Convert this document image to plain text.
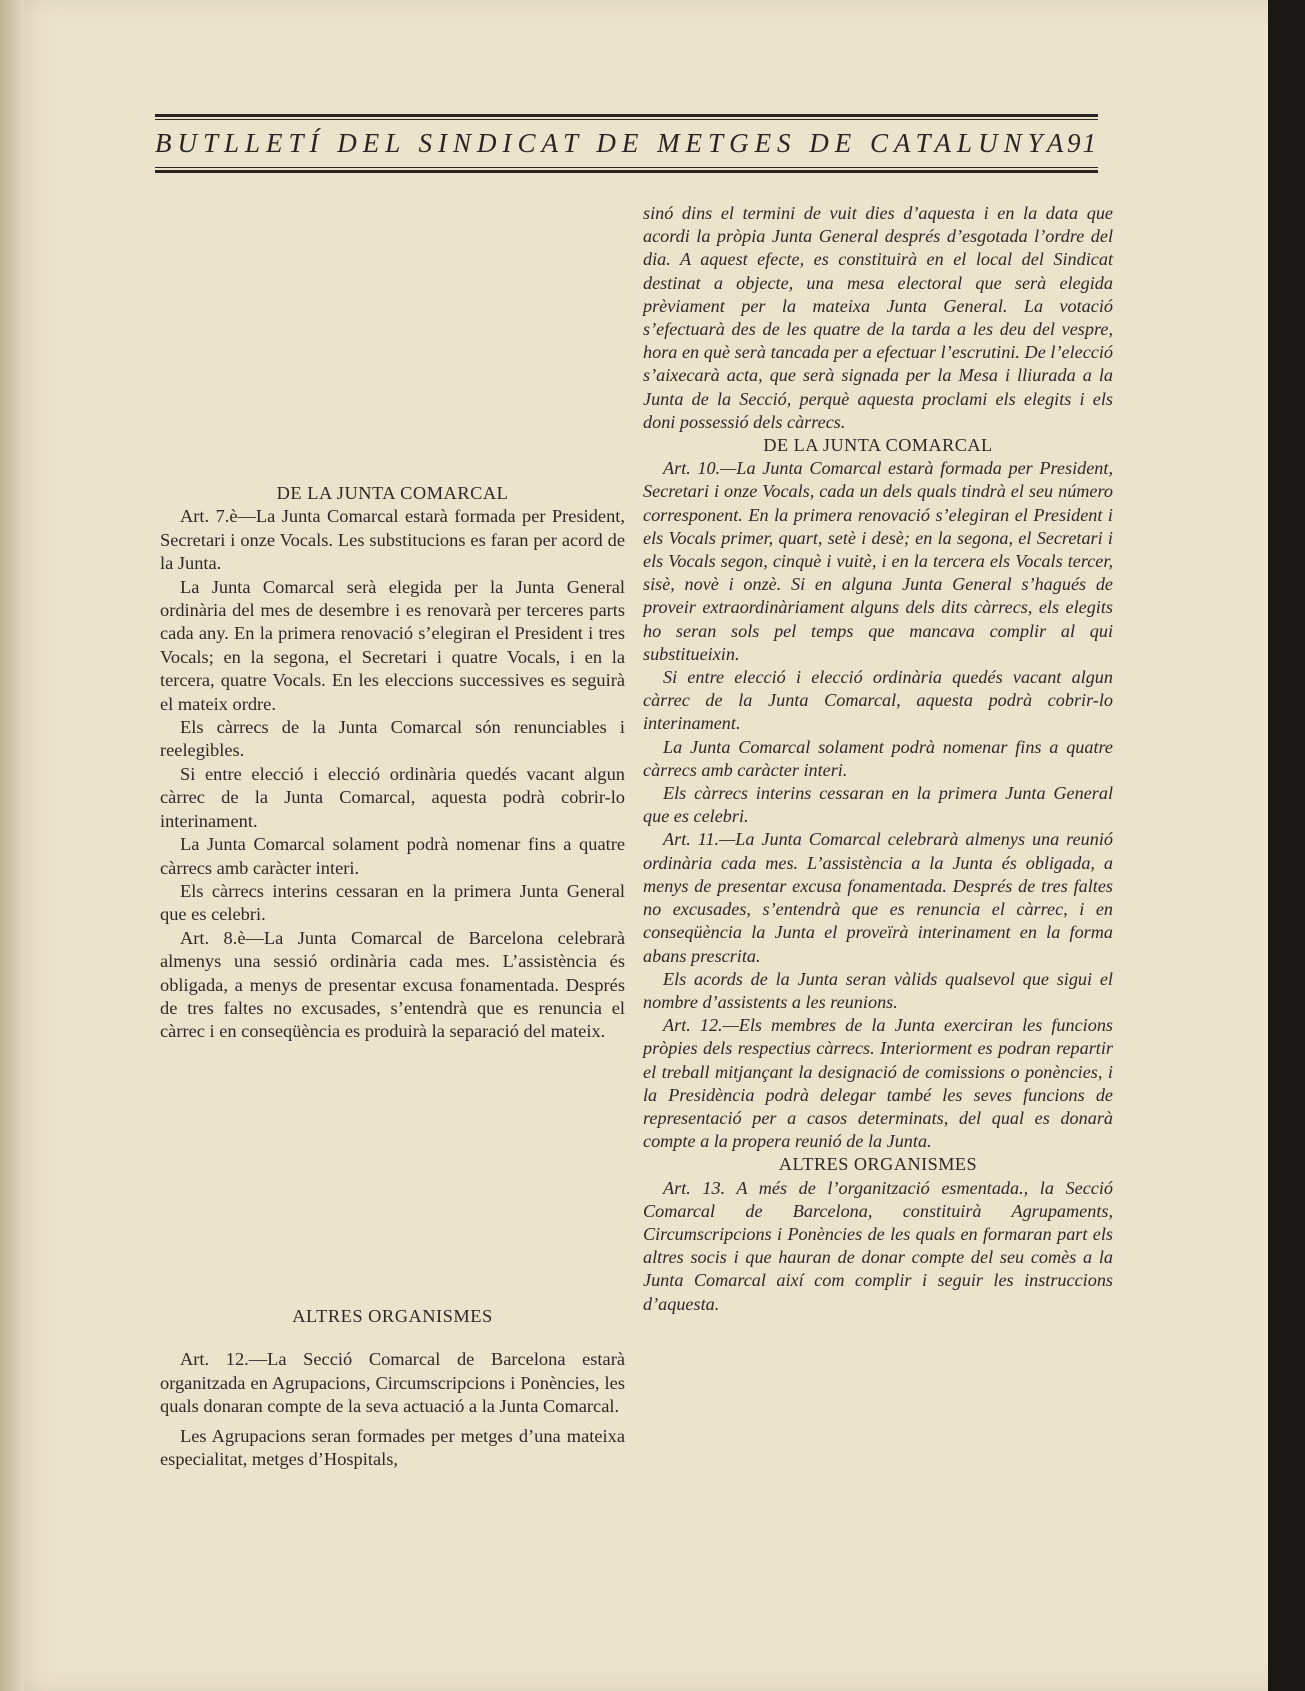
BUTLLETÍ DEL SINDICAT DE METGES DE CATALUNYA
91

DE LA JUNTA COMARCAL

Art. 7.è—La Junta Comarcal estarà formada per President, Secretari i onze Vocals. Les substitucions es faran per acord de la Junta.

La Junta Comarcal serà elegida per la Junta General ordinària del mes de desembre i es renovarà per terceres parts cada any. En la primera renovació s’elegiran el President i tres Vocals; en la segona, el Secretari i quatre Vocals, i en la tercera, quatre Vocals. En les eleccions successives es seguirà el mateix ordre.

Els càrrecs de la Junta Comarcal són renunciables i reelegibles.

Si entre elecció i elecció ordinària quedés vacant algun càrrec de la Junta Comarcal, aquesta podrà cobrir-lo interinament.

La Junta Comarcal solament podrà nomenar fins a quatre càrrecs amb caràcter interi.

Els càrrecs interins cessaran en la primera Junta General que es celebri.

Art. 8.è—La Junta Comarcal de Barcelona celebrarà almenys una sessió ordinària cada mes. L’assistència és obligada, a menys de presentar excusa fonamentada. Després de tres faltes no excusades, s’entendrà que es renuncia el càrrec i en conseqüència es produirà la separació del mateix.

ALTRES ORGANISMES

Art. 12.—La Secció Comarcal de Barcelona estarà organitzada en Agrupacions, Circumscripcions i Ponències, les quals donaran compte de la seva actuació a la Junta Comarcal.

Les Agrupacions seran formades per metges d’una mateixa especialitat, metges d’Hospitals,

sinó dins el termini de vuit dies d’aquesta i en la data que acordi la pròpia Junta General després d’esgotada l’ordre del dia. A aquest efecte, es constituirà en el local del Sindicat destinat a objecte, una mesa electoral que serà elegida prèviament per la mateixa Junta General. La votació s’efectuarà des de les quatre de la tarda a les deu del vespre, hora en què serà tancada per a efectuar l’escrutini. De l’elecció s’aixecarà acta, que serà signada per la Mesa i lliurada a la Junta de la Secció, perquè aquesta proclami els elegits i els doni possessió dels càrrecs.

DE LA JUNTA COMARCAL

Art. 10.—La Junta Comarcal estarà formada per President, Secretari i onze Vocals, cada un dels quals tindrà el seu número corresponent. En la primera renovació s’elegiran el President i els Vocals primer, quart, setè i desè; en la segona, el Secretari i els Vocals segon, cinquè i vuitè, i en la tercera els Vocals tercer, sisè, novè i onzè. Si en alguna Junta General s’hagués de proveir extraordinàriament alguns dels dits càrrecs, els elegits ho seran sols pel temps que mancava complir al qui substitueixin.

Si entre elecció i elecció ordinària quedés vacant algun càrrec de la Junta Comarcal, aquesta podrà cobrir-lo interinament.

La Junta Comarcal solament podrà nomenar fins a quatre càrrecs amb caràcter interi.

Els càrrecs interins cessaran en la primera Junta General que es celebri.

Art. 11.—La Junta Comarcal celebrarà almenys una reunió ordinària cada mes. L’assistència a la Junta és obligada, a menys de presentar excusa fonamentada. Després de tres faltes no excusades, s’entendrà que es renuncia el càrrec, i en conseqüència la Junta el proveïrà interinament en la forma abans prescrita.

Els acords de la Junta seran vàlids qualsevol que sigui el nombre d’assistents a les reunions.

Art. 12.—Els membres de la Junta exerciran les funcions pròpies dels respectius càrrecs. Interiorment es podran repartir el treball mitjançant la designació de comissions o ponències, i la Presidència podrà delegar també les seves funcions de representació per a casos determinats, del qual es donarà compte a la propera reunió de la Junta.

ALTRES ORGANISMES

Art. 13. A més de l’organització esmentada., la Secció Comarcal de Barcelona, constituirà Agrupaments, Circumscripcions i Ponències de les quals en formaran part els altres socis i que hauran de donar compte del seu comès a la Junta Comarcal així com complir i seguir les instruccions d’aquesta.
